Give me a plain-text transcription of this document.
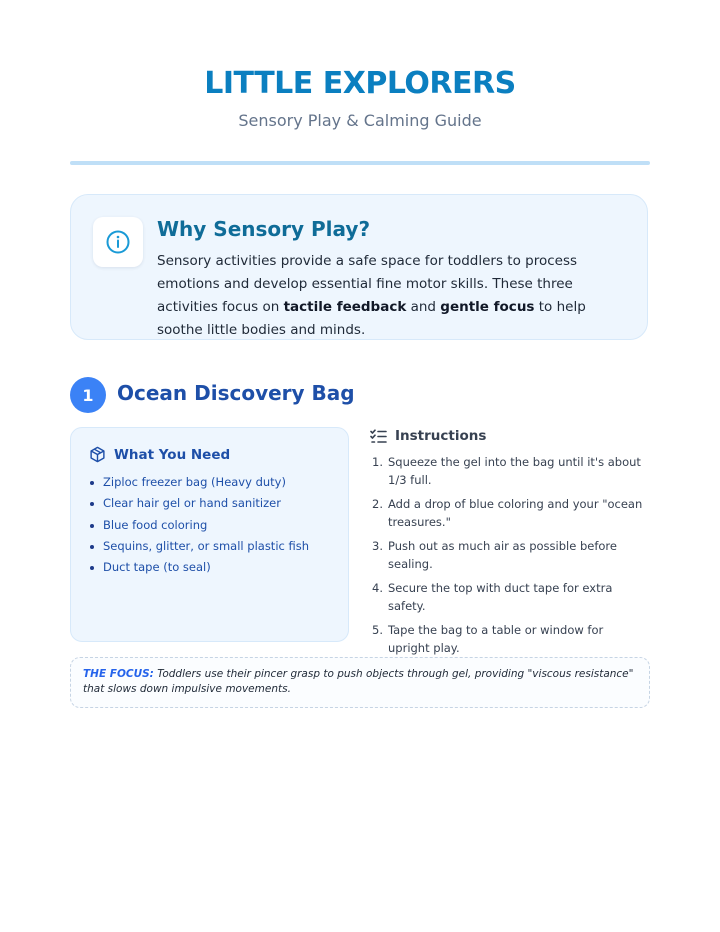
LITTLE EXPLORERS
Sensory Play & Calming Guide
Why Sensory Play?
Sensory activities provide a safe space for toddlers to process emotions and develop essential fine motor skills. These three activities focus on tactile feedback and gentle focus to help soothe little bodies and minds.
1	Ocean Discovery Bag
What You Need
Ziploc freezer bag (Heavy duty)
Clear hair gel or hand sanitizer
Blue food coloring
Sequins, glitter, or small plastic fish
Duct tape (to seal)
Instructions
1. Squeeze the gel into the bag until it's about 1/3 full.
2. Add a drop of blue coloring and your "ocean treasures."
3. Push out as much air as possible before sealing.
4. Secure the top with duct tape for extra safety.
5. Tape the bag to a table or window for upright play.
THE FOCUS: Toddlers use their pincer grasp to push objects through gel, providing "viscous resistance" that slows down impulsive movements.
